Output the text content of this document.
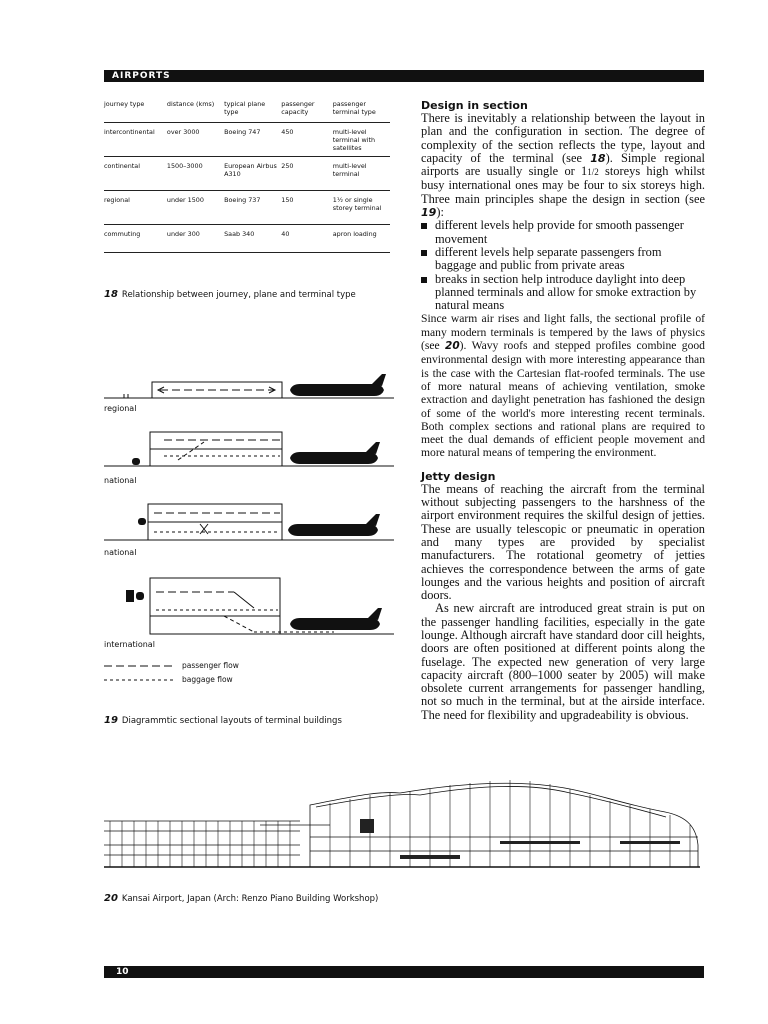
AIRPORTS
journey type	distance (kms)	typical plane type	passenger capacity	passenger terminal type
intercontinental	over 3000	Boeing 747	450	multi-level terminal with satellites
continental	1500–3000	European Airbus A310	250	multi-level terminal
regional	under 1500	Boeing 737	150	1½ or single storey terminal
commuting	under 300	Saab 340	40	apron loading
18 Relationship between journey, plane and terminal type
regional
national
national
international
passenger flow
baggage flow
19 Diagrammtic sectional layouts of terminal buildings
Design in section

There is inevitably a relationship between the layout in plan and the configuration in section. The degree of complexity of the section reflects the type, layout and capacity of the terminal (see 18). Simple regional airports are usually single or 11/2 storeys high whilst busy international ones may be four to six storeys high. Three main principles shape the design in section (see 19):

different levels help provide for smooth passenger movement
different levels help separate passengers from baggage and public from private areas
breaks in section help introduce daylight into deep planned terminals and allow for smoke extraction by natural means

Since warm air rises and light falls, the sectional profile of many modern terminals is tempered by the laws of physics (see 20). Wavy roofs and stepped profiles combine good environmental design with more interesting appearance than is the case with the Cartesian flat-roofed terminals. The use of more natural means of achieving ventilation, smoke extraction and daylight penetration has fashioned the design of some of the world's more interesting recent terminals. Both complex sections and rational plans are required to meet the dual demands of efficient people movement and more natural means of tempering the environment.

Jetty design

The means of reaching the aircraft from the terminal without subjecting passengers to the harshness of the airport environment requires the skilful design of jetties. These are usually telescopic or pneumatic in operation and many types are provided by specialist manufacturers. The rotational geometry of jetties achieves the correspondence between the arms of gate lounges and the various heights and position of aircraft doors.

As new aircraft are introduced great strain is put on the passenger handling facilities, especially in the gate lounge. Although aircraft have standard door cill heights, doors are often positioned at different points along the fuselage. The expected new generation of very large capacity aircraft (800–1000 seater by 2005) will make obsolete current arrangements for passenger handling, not so much in the terminal, but at the airside interface. The need for flexibility and upgradeability is obvious.

20 Kansai Airport, Japan (Arch: Renzo Piano Building Workshop)
10
